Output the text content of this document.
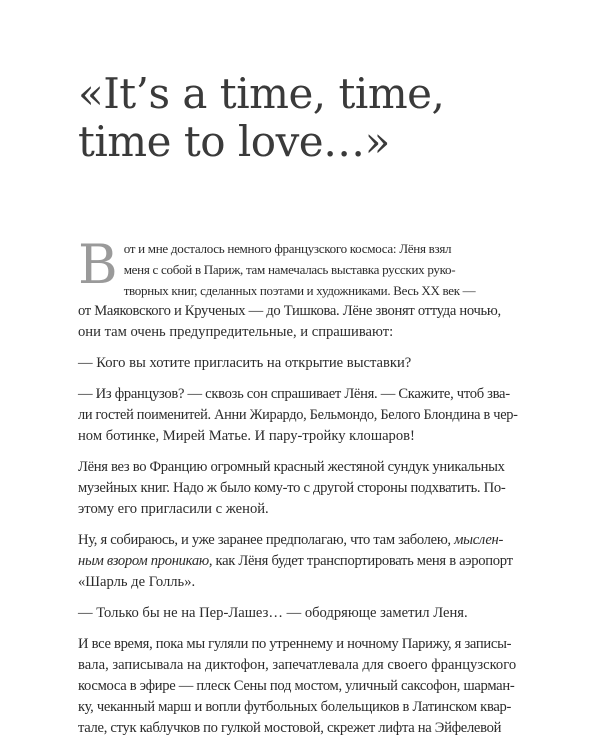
«It’s a time, time,
time to love…»

В от и мне досталось немного французского космоса: Лёня взял
меня с собой в Париж, там намечалась выставка русских руко-
творных книг, сделанных поэтами и художниками. Весь XX век —
от Маяковского и Крученых — до Тишкова. Лёне звонят оттуда ночью,
они там очень предупредительные, и спрашивают:

— Кого вы хотите пригласить на открытие выставки?

— Из французов? — сквозь сон спрашивает Лёня. — Скажите, чтоб зва-
ли гостей поименитей. Анни Жирардо, Бельмондо, Белого Блондина в чер-
ном ботинке, Мирей Матье. И пару-тройку клошаров!

Лёня вез во Францию огромный красный жестяной сундук уникальных
музейных книг. Надо ж было кому-то с другой стороны подхватить. По-
этому его пригласили с женой.

Ну, я собираюсь, и уже заранее предполагаю, что там заболею, мыслен-
ным взором проникаю, как Лёня будет транспортировать меня в аэропорт
«Шарль де Голль».

— Только бы не на Пер-Лашез… — ободряюще заметил Леня.

И все время, пока мы гуляли по утреннему и ночному Парижу, я записы-
вала, записывала на диктофон, запечатлевала для своего французского
космоса в эфире — плеск Сены под мостом, уличный саксофон, шарман-
ку, чеканный марш и вопли футбольных болельщиков в Латинском квар-
тале, стук каблучков по гулкой мостовой, скрежет лифта на Эйфелевой
